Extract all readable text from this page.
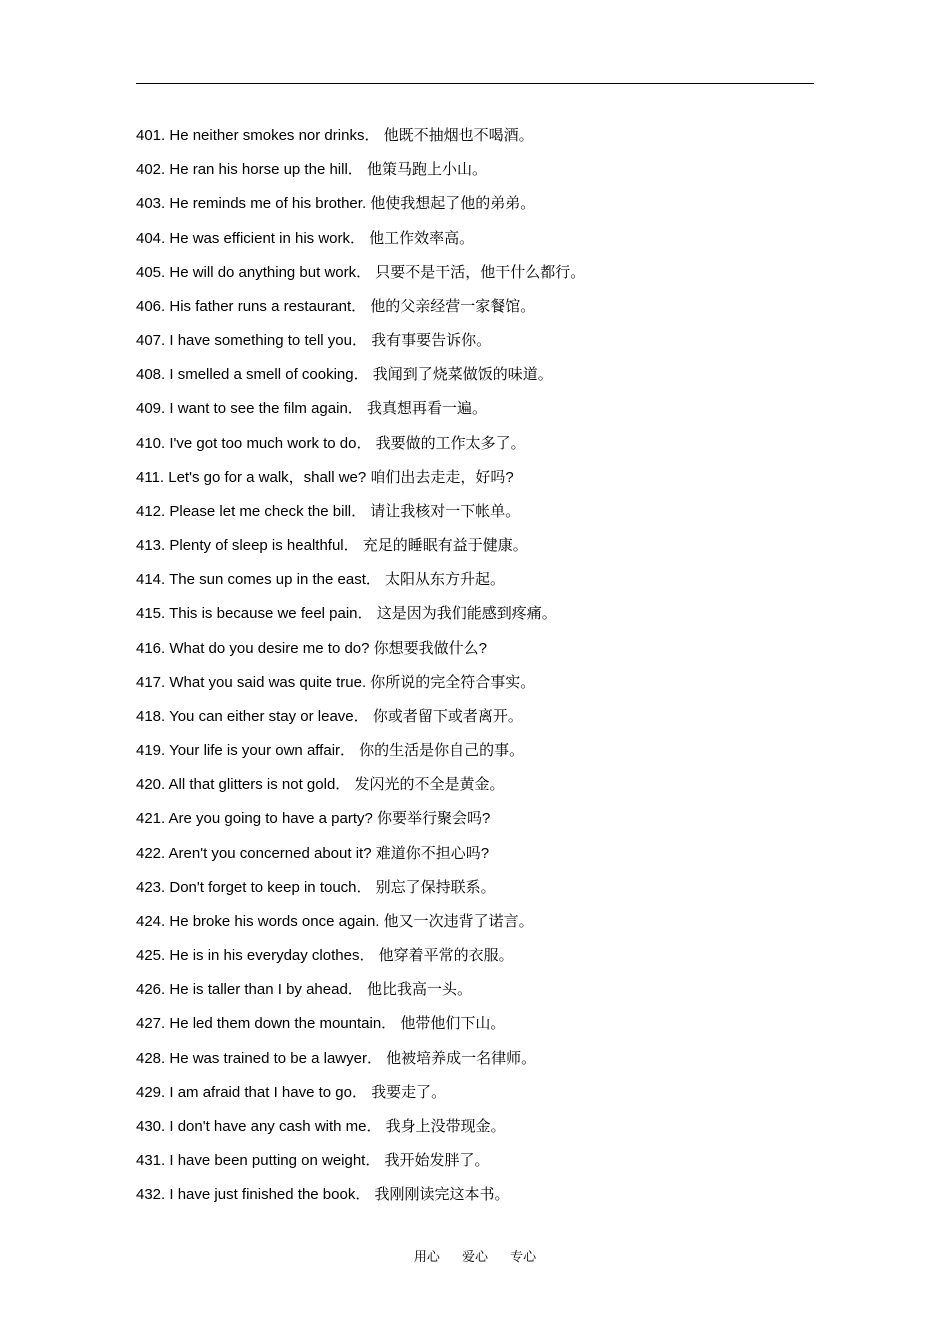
401. He neither smokes nor drinks． 他既不抽烟也不喝酒。
402. He ran his horse up the hill． 他策马跑上小山。
403. He reminds me of his brother. 他使我想起了他的弟弟。
404. He was efficient in his work． 他工作效率高。
405. He will do anything but work． 只要不是干活，他干什么都行。
406. His father runs a restaurant． 他的父亲经营一家餐馆。
407. I have something to tell you． 我有事要告诉你。
408. I smelled a smell of cooking． 我闻到了烧菜做饭的味道。
409. I want to see the film again． 我真想再看一遍。
410. I've got too much work to do． 我要做的工作太多了。
411. Let's go for a walk，shall we? 咱们出去走走，好吗?
412. Please let me check the bill． 请让我核对一下帐单。
413. Plenty of sleep is healthful． 充足的睡眠有益于健康。
414. The sun comes up in the east． 太阳从东方升起。
415. This is because we feel pain． 这是因为我们能感到疼痛。
416. What do you desire me to do? 你想要我做什么?
417. What you said was quite true. 你所说的完全符合事实。
418. You can either stay or leave． 你或者留下或者离开。
419. Your life is your own affair． 你的生活是你自己的事。
420. All that glitters is not gold． 发闪光的不全是黄金。
421. Are you going to have a party? 你要举行聚会吗?
422. Aren't you concerned about it? 难道你不担心吗?
423. Don't forget to keep in touch． 别忘了保持联系。
424. He broke his words once again. 他又一次违背了诺言。
425. He is in his everyday clothes． 他穿着平常的衣服。
426. He is taller than I by ahead． 他比我高一头。
427. He led them down the mountain． 他带他们下山。
428. He was trained to be a lawyer． 他被培养成一名律师。
429. I am afraid that I have to go． 我要走了。
430. I don't have any cash with me． 我身上没带现金。
431. I have been putting on weight． 我开始发胖了。
432. I have just finished the book． 我刚刚读完这本书。
用心 爱心 专心
